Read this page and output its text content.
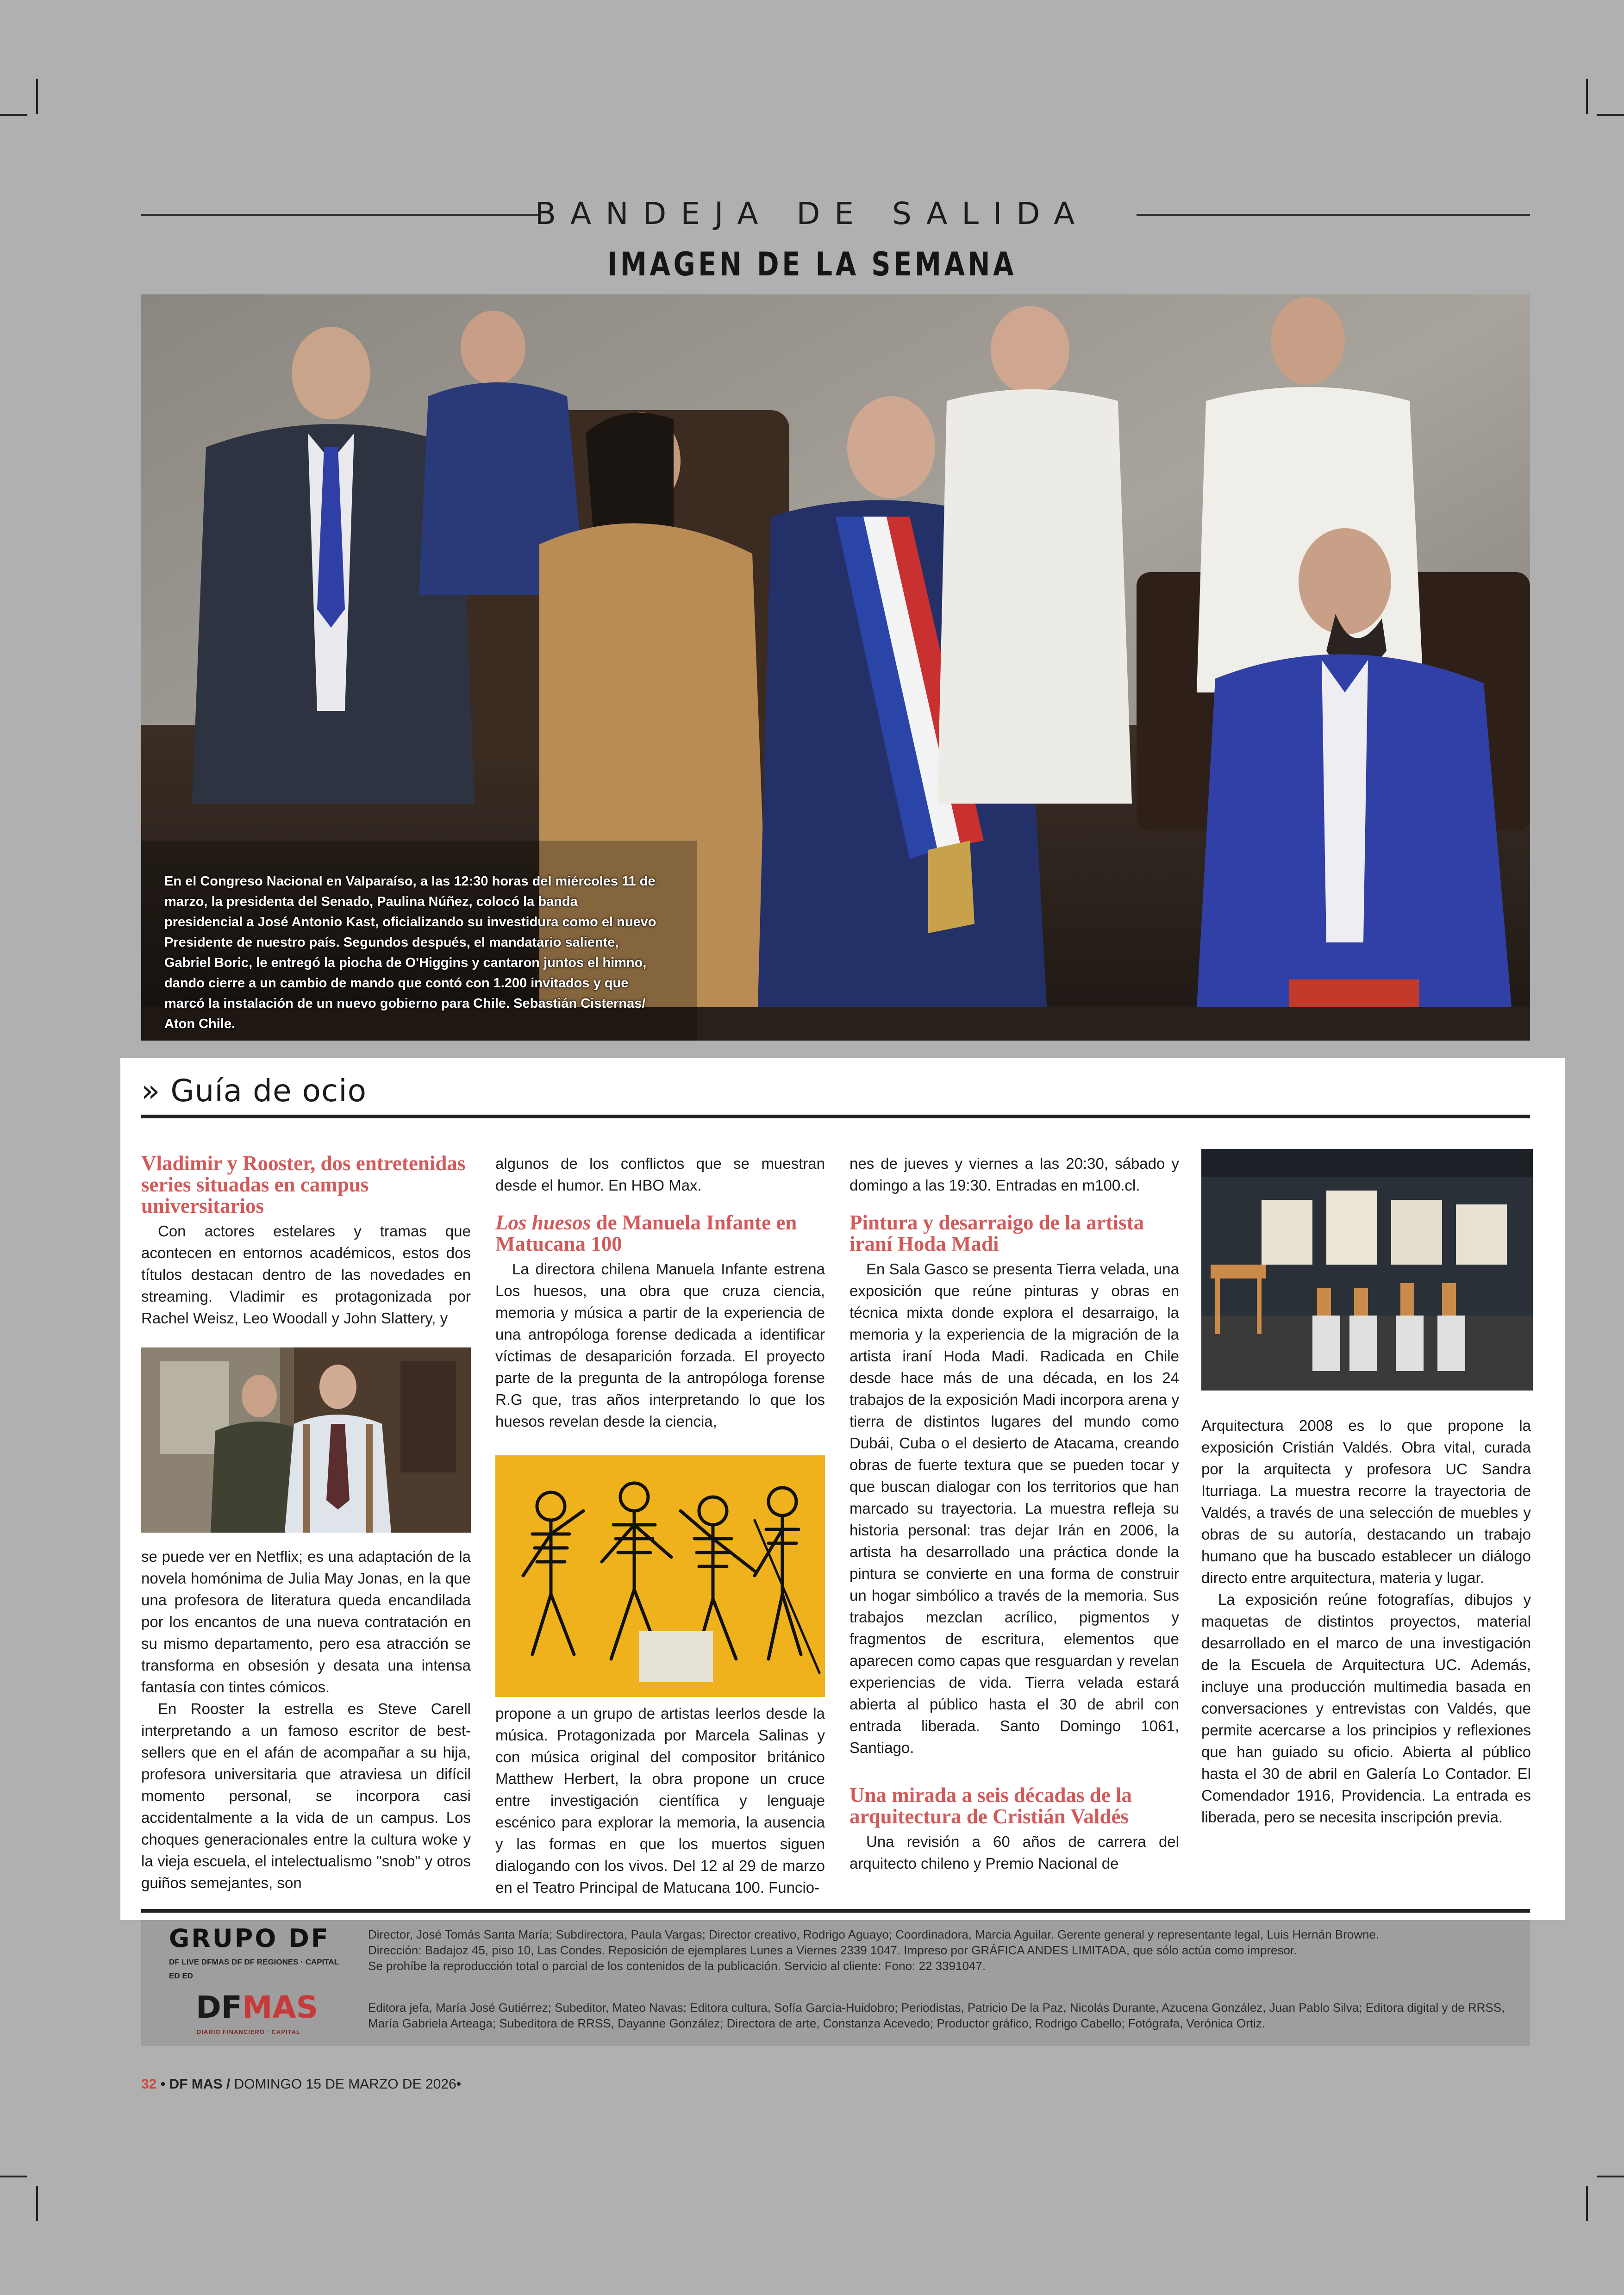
BANDEJA DE SALIDA
IMAGEN DE LA SEMANA
En el Congreso Nacional en Valparaíso, a las 12:30 horas del miércoles 11 de marzo, la presidenta del Senado, Paulina Núñez, colocó la banda presidencial a José Antonio Kast, oficializando su investidura como el nuevo Presidente de nuestro país. Segundos después, el mandatario saliente, Gabriel Boric, le entregó la piocha de O'Higgins y cantaron juntos el himno, dando cierre a un cambio de mando que contó con 1.200 invitados y que marcó la instalación de un nuevo gobierno para Chile. Sebastián Cisternas/ Aton Chile.
» Guía de ocio
Vladimir y Rooster, dos entretenidas series situadas en campus universitarios

Con actores estelares y tramas que acontecen en entornos académicos, estos dos títulos destacan dentro de las novedades en streaming. Vladimir es protagonizada por Rachel Weisz, Leo Woodall y John Slattery, y

se puede ver en Netflix; es una adaptación de la novela homónima de Julia May Jonas, en la que una profesora de literatura queda encandilada por los encantos de una nueva contratación en su mismo departamento, pero esa atracción se transforma en obsesión y desata una intensa fantasía con tintes cómicos.

En Rooster la estrella es Steve Carell interpretando a un famoso escritor de best-sellers que en el afán de acompañar a su hija, profesora universitaria que atraviesa un difícil momento personal, se incorpora casi accidentalmente a la vida de un campus. Los choques generacionales entre la cultura woke y la vieja escuela, el intelectualismo "snob" y otros guiños semejantes, son

algunos de los conflictos que se muestran desde el humor. En HBO Max.

Los huesos de Manuela Infante en Matucana 100

La directora chilena Manuela Infante estrena Los huesos, una obra que cruza ciencia, memoria y música a partir de la experiencia de una antropóloga forense dedicada a identificar víctimas de desaparición forzada. El proyecto parte de la pregunta de la antropóloga forense R.G que, tras años interpretando lo que los huesos revelan desde la ciencia,

propone a un grupo de artistas leerlos desde la música. Protagonizada por Marcela Salinas y con música original del compositor británico Matthew Herbert, la obra propone un cruce entre investigación científica y lenguaje escénico para explorar la memoria, la ausencia y las formas en que los muertos siguen dialogando con los vivos. Del 12 al 29 de marzo en el Teatro Principal de Matucana 100. Funcio-

nes de jueves y viernes a las 20:30, sábado y domingo a las 19:30. Entradas en m100.cl.

Pintura y desarraigo de la artista iraní Hoda Madi

En Sala Gasco se presenta Tierra velada, una exposición que reúne pinturas y obras en técnica mixta donde explora el desarraigo, la memoria y la experiencia de la migración de la artista iraní Hoda Madi. Radicada en Chile desde hace más de una década, en los 24 trabajos de la exposición Madi incorpora arena y tierra de distintos lugares del mundo como Dubái, Cuba o el desierto de Atacama, creando obras de fuerte textura que se pueden tocar y que buscan dialogar con los territorios que han marcado su trayectoria. La muestra refleja su historia personal: tras dejar Irán en 2006, la artista ha desarrollado una práctica donde la pintura se convierte en una forma de construir un hogar simbólico a través de la memoria. Sus trabajos mezclan acrílico, pigmentos y fragmentos de escritura, elementos que aparecen como capas que resguardan y revelan experiencias de vida. Tierra velada estará abierta al público hasta el 30 de abril con entrada liberada. Santo Domingo 1061, Santiago.

Una mirada a seis décadas de la arquitectura de Cristián Valdés

Una revisión a 60 años de carrera del arquitecto chileno y Premio Nacional de

Arquitectura 2008 es lo que propone la exposición Cristián Valdés. Obra vital, curada por la arquitecta y profesora UC Sandra Iturriaga. La muestra recorre la trayectoria de Valdés, a través de una selección de muebles y obras de su autoría, destacando un trabajo humano que ha buscado establecer un diálogo directo entre arquitectura, materia y lugar.

La exposición reúne fotografías, dibujos y maquetas de distintos proyectos, material desarrollado en el marco de una investigación de la Escuela de Arquitectura UC. Además, incluye una producción multimedia basada en conversaciones y entrevistas con Valdés, que permite acercarse a los principios y reflexiones que han guiado su oficio. Abierta al público hasta el 30 de abril en Galería Lo Contador. El Comendador 1916, Providencia. La entrada es liberada, pero se necesita inscripción previa.

GRUPO DF
DF LIVE DFMAS DF DF REGIONES · CAPITAL ED ED
DFMAS
DIARIO FINANCIERO · CAPITAL
Director, José Tomás Santa María; Subdirectora, Paula Vargas; Director creativo, Rodrigo Aguayo; Coordinadora, Marcia Aguilar. Gerente general y representante legal, Luis Hernán Browne.
Dirección: Badajoz 45, piso 10, Las Condes. Reposición de ejemplares Lunes a Viernes 2339 1047. Impreso por GRÁFICA ANDES LIMITADA, que sólo actúa como impresor.
Se prohíbe la reproducción total o parcial de los contenidos de la publicación. Servicio al cliente: Fono: 22 3391047.
Editora jefa, María José Gutiérrez; Subeditor, Mateo Navas; Editora cultura, Sofía García-Huidobro; Periodistas, Patricio De la Paz, Nicolás Durante, Azucena González, Juan Pablo Silva; Editora digital y de RRSS, María Gabriela Arteaga; Subeditora de RRSS, Dayanne González; Directora de arte, Constanza Acevedo; Productor gráfico, Rodrigo Cabello; Fotógrafa, Verónica Ortiz.
32 • DF MAS / DOMINGO 15 DE MARZO DE 2026•
